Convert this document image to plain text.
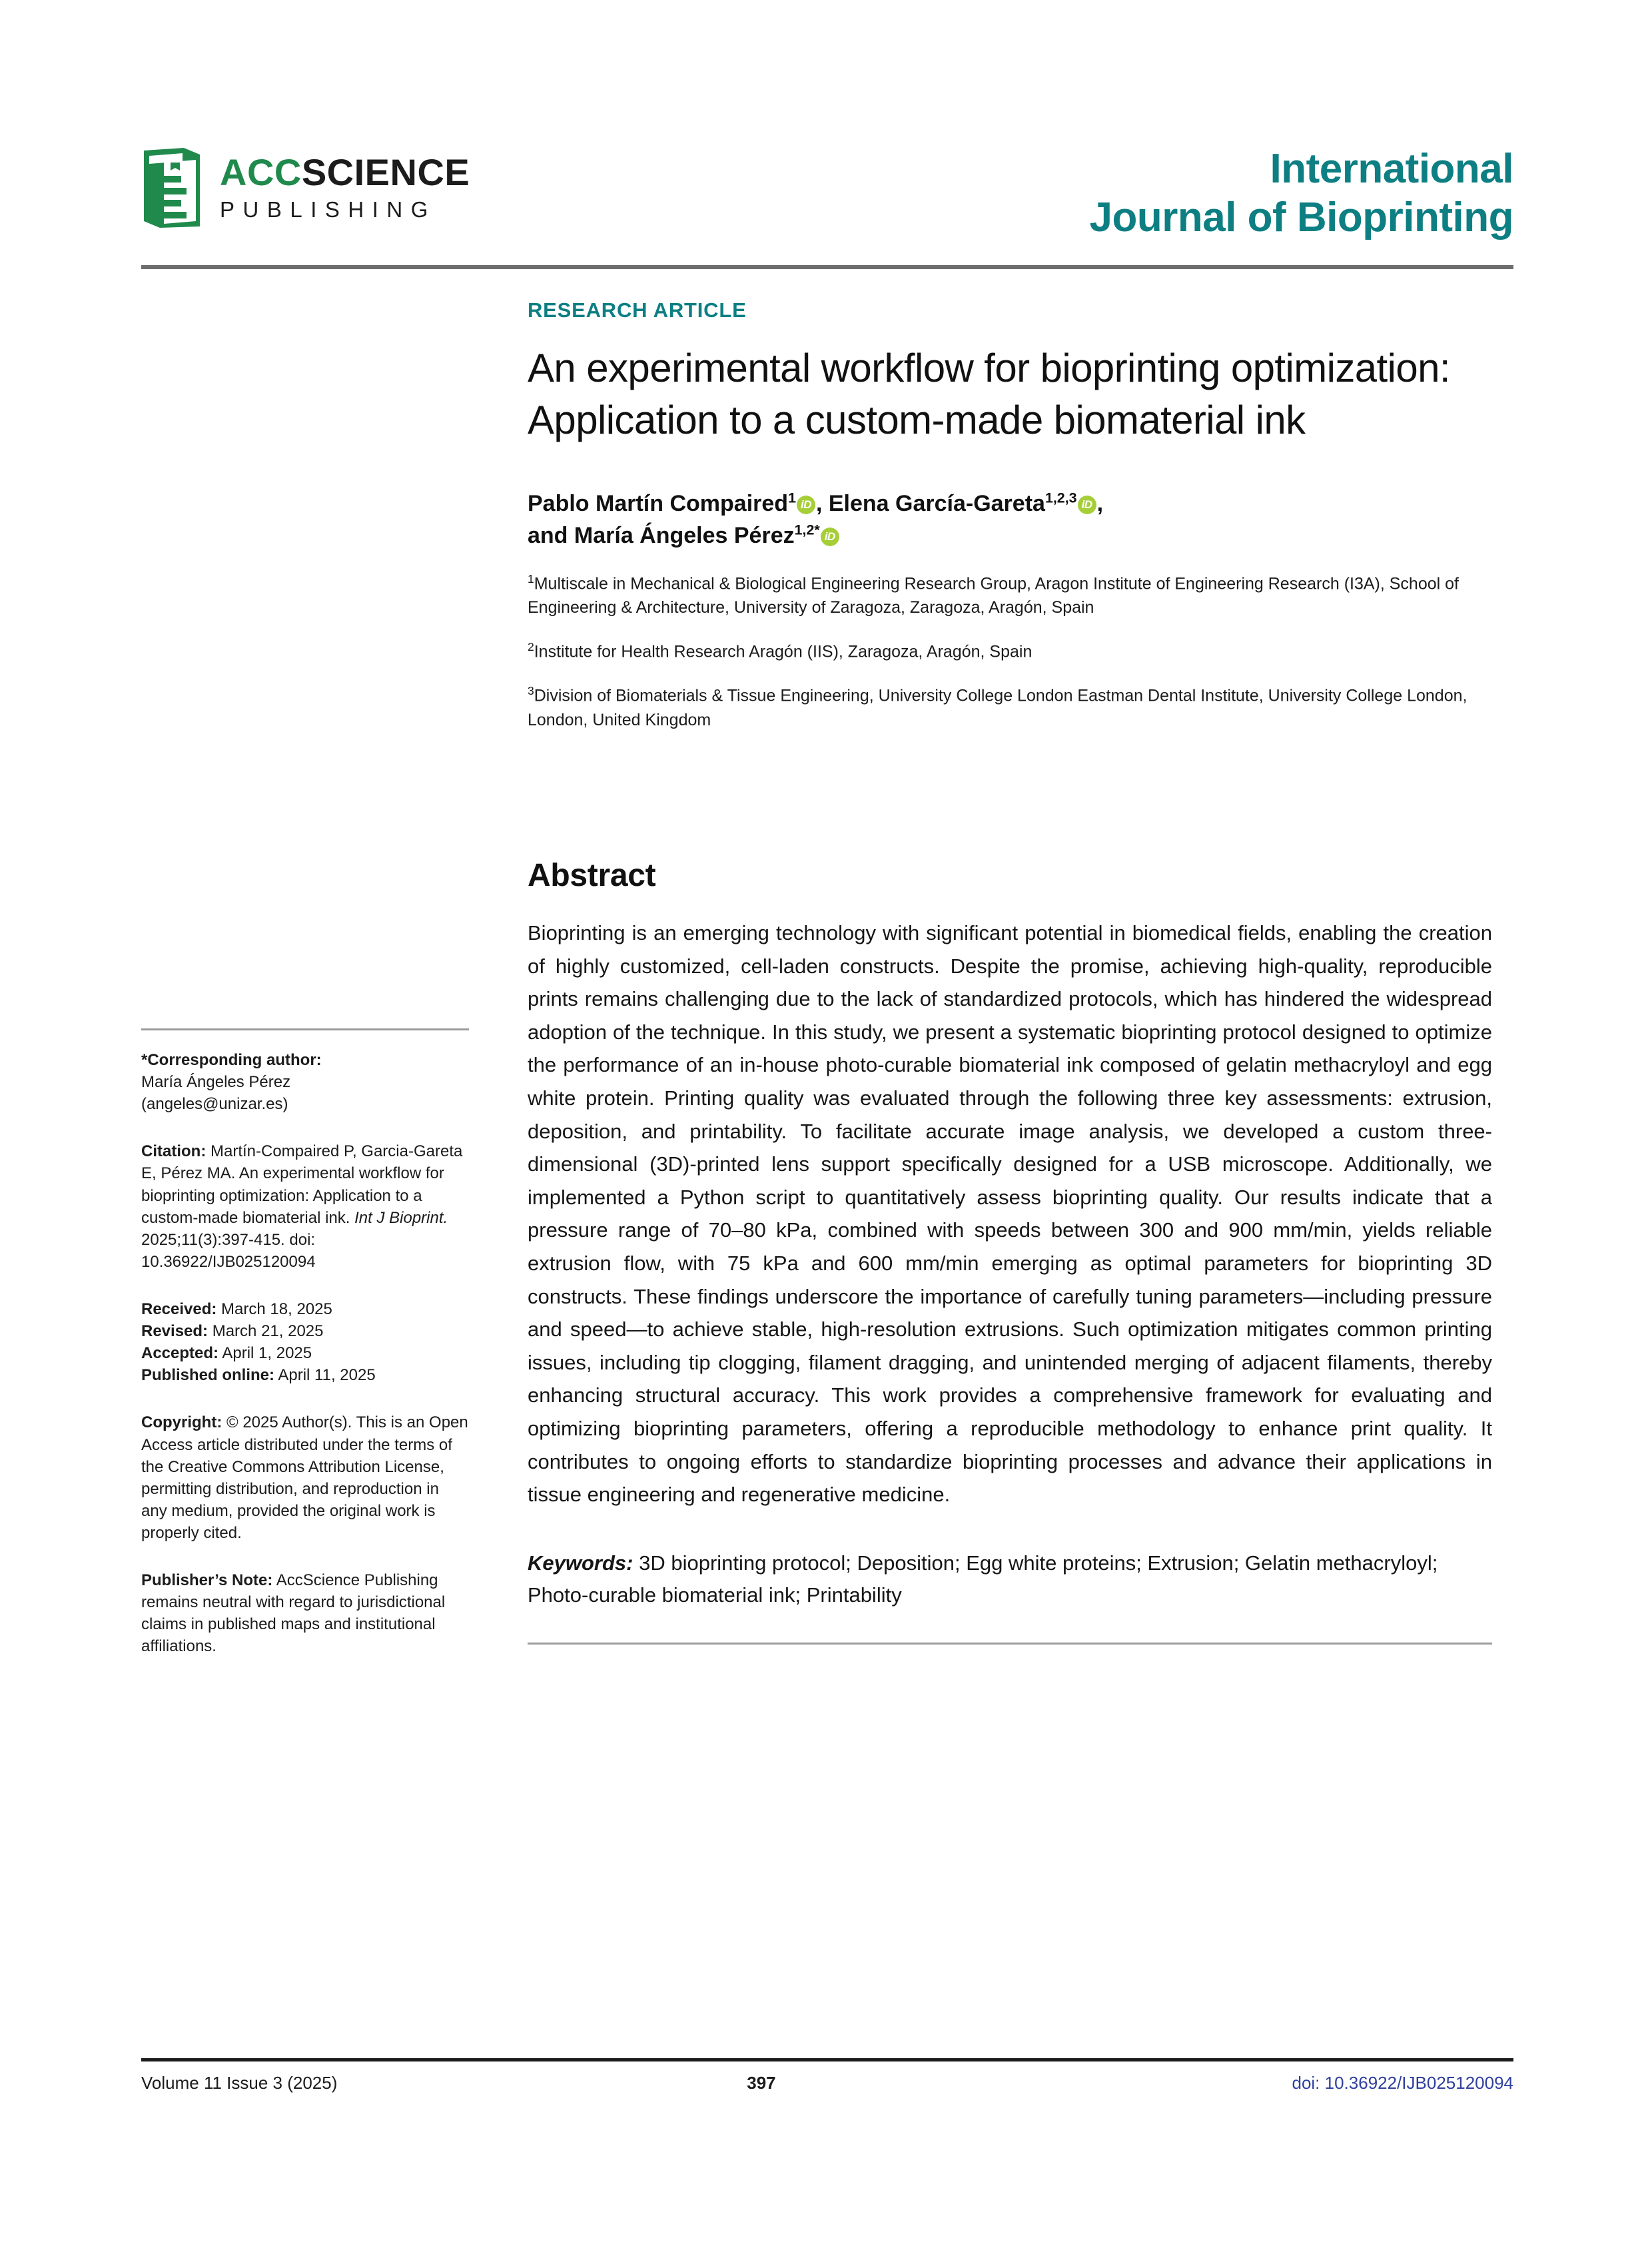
ACCSCIENCE
PUBLISHING
International
Journal of Bioprinting
RESEARCH ARTICLE
An experimental workflow for bioprinting optimization: Application to a custom-made biomaterial ink
Pablo Martín Compaired$^1$ iD , Elena García-Gareta$^{1,2,3}$ iD ,
and María Ángeles Pérez$^{1,2*}$ iD
$^1$Multiscale in Mechanical & Biological Engineering Research Group, Aragon Institute of Engineering Research (I3A), School of Engineering & Architecture, University of Zaragoza, Zaragoza, Aragón, Spain
$^2$Institute for Health Research Aragón (IIS), Zaragoza, Aragón, Spain
$^3$Division of Biomaterials & Tissue Engineering, University College London Eastman Dental Institute, University College London, London, United Kingdom
Abstract
Bioprinting is an emerging technology with significant potential in biomedical fields, enabling the creation of highly customized, cell-laden constructs. Despite the promise, achieving high-quality, reproducible prints remains challenging due to the lack of standardized protocols, which has hindered the widespread adoption of the technique. In this study, we present a systematic bioprinting protocol designed to optimize the performance of an in-house photo-curable biomaterial ink composed of gelatin methacryloyl and egg white protein. Printing quality was evaluated through the following three key assessments: extrusion, deposition, and printability. To facilitate accurate image analysis, we developed a custom three-dimensional (3D)-printed lens support specifically designed for a USB microscope. Additionally, we implemented a Python script to quantitatively assess bioprinting quality. Our results indicate that a pressure range of 70–80 kPa, combined with speeds between 300 and 900 mm/min, yields reliable extrusion flow, with 75 kPa and 600 mm/min emerging as optimal parameters for bioprinting 3D constructs. These findings underscore the importance of carefully tuning parameters—including pressure and speed—to achieve stable, high-resolution extrusions. Such optimization mitigates common printing issues, including tip clogging, filament dragging, and unintended merging of adjacent filaments, thereby enhancing structural accuracy. This work provides a comprehensive framework for evaluating and optimizing bioprinting parameters, offering a reproducible methodology to enhance print quality. It contributes to ongoing efforts to standardize bioprinting processes and advance their applications in tissue engineering and regenerative medicine.
Keywords: 3D bioprinting protocol; Deposition; Egg white proteins; Extrusion; Gelatin methacryloyl; Photo-curable biomaterial ink; Printability
*Corresponding author:
María Ángeles Pérez
(angeles@unizar.es)
Citation: Martín-Compaired P, Garcia-Gareta E, Pérez MA. An experimental workflow for bioprinting optimization: Application to a custom-made biomaterial ink. Int J Bioprint. 2025;11(3):397-415. doi: 10.36922/IJB025120094
Received: March 18, 2025
Revised: March 21, 2025
Accepted: April 1, 2025
Published online: April 11, 2025
Copyright: © 2025 Author(s). This is an Open Access article distributed under the terms of the Creative Commons Attribution License, permitting distribution, and reproduction in any medium, provided the original work is properly cited.
Publisher’s Note: AccScience Publishing remains neutral with regard to jurisdictional claims in published maps and institutional affiliations.
Volume 11 Issue 3 (2025)	397	doi: 10.36922/IJB025120094
